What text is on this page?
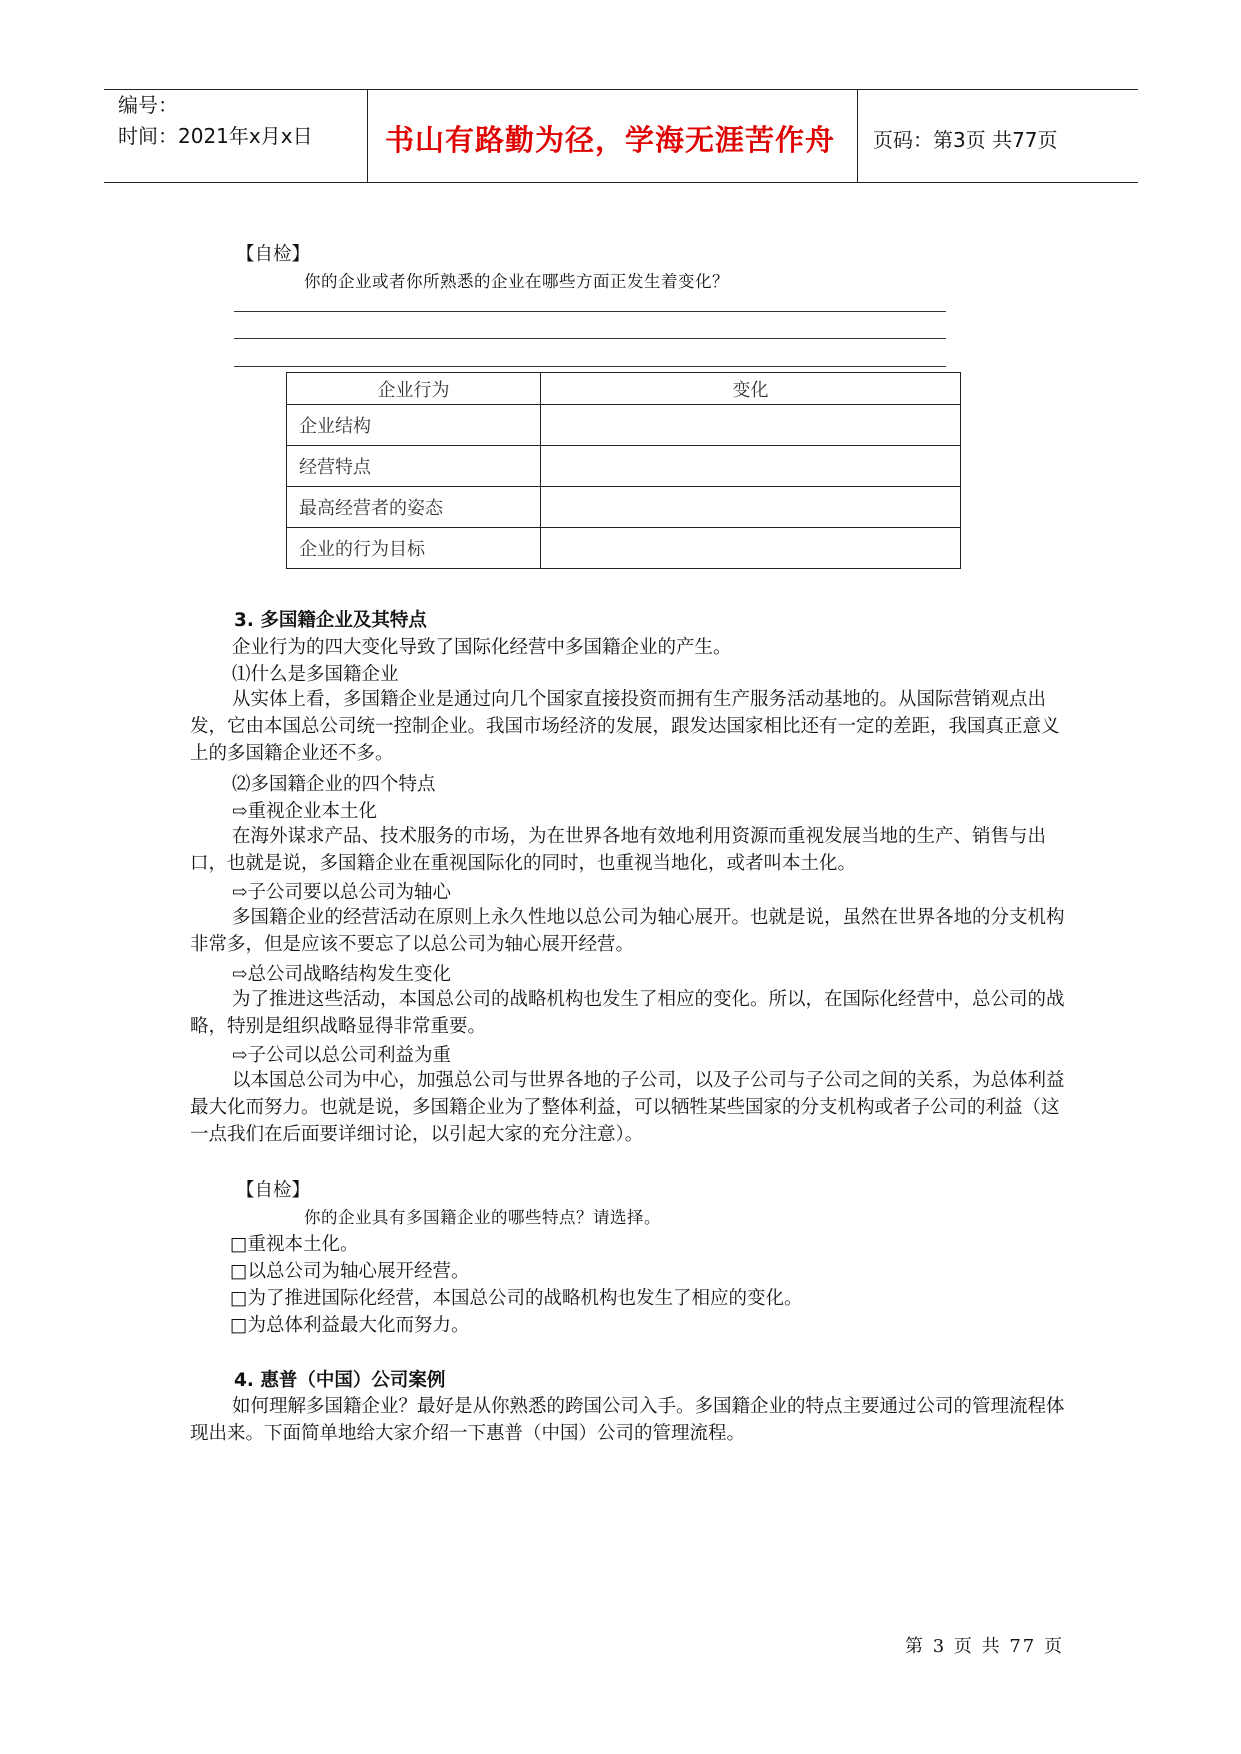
编号：
时间：2021年x月x日	书山有路勤为径，学海无涯苦作舟	页码：第3页 共77页
【自检】
你的企业或者你所熟悉的企业在哪些方面正发生着变化？
企业行为	变化
企业结构	
经营特点	
最高经营者的姿态	
企业的行为目标	
3. 多国籍企业及其特点
企业行为的四大变化导致了国际化经营中多国籍企业的产生。
⑴什么是多国籍企业
从实体上看，多国籍企业是通过向几个国家直接投资而拥有生产服务活动基地的。从国际营销观点出发，它由本国总公司统一控制企业。我国市场经济的发展，跟发达国家相比还有一定的差距，我国真正意义上的多国籍企业还不多。
⑵多国籍企业的四个特点
⇨重视企业本土化
在海外谋求产品、技术服务的市场，为在世界各地有效地利用资源而重视发展当地的生产、销售与出口，也就是说，多国籍企业在重视国际化的同时，也重视当地化，或者叫本土化。
⇨子公司要以总公司为轴心
多国籍企业的经营活动在原则上永久性地以总公司为轴心展开。也就是说，虽然在世界各地的分支机构非常多，但是应该不要忘了以总公司为轴心展开经营。
⇨总公司战略结构发生变化
为了推进这些活动，本国总公司的战略机构也发生了相应的变化。所以，在国际化经营中，总公司的战略，特别是组织战略显得非常重要。
⇨子公司以总公司利益为重
以本国总公司为中心，加强总公司与世界各地的子公司，以及子公司与子公司之间的关系，为总体利益最大化而努力。也就是说，多国籍企业为了整体利益，可以牺牲某些国家的分支机构或者子公司的利益（这一点我们在后面要详细讨论，以引起大家的充分注意）。
【自检】
你的企业具有多国籍企业的哪些特点？请选择。
□重视本土化。
□以总公司为轴心展开经营。
□为了推进国际化经营，本国总公司的战略机构也发生了相应的变化。
□为总体利益最大化而努力。
4. 惠普（中国）公司案例
如何理解多国籍企业？最好是从你熟悉的跨国公司入手。多国籍企业的特点主要通过公司的管理流程体现出来。下面简单地给大家介绍一下惠普（中国）公司的管理流程。
第 3 页 共 77 页
